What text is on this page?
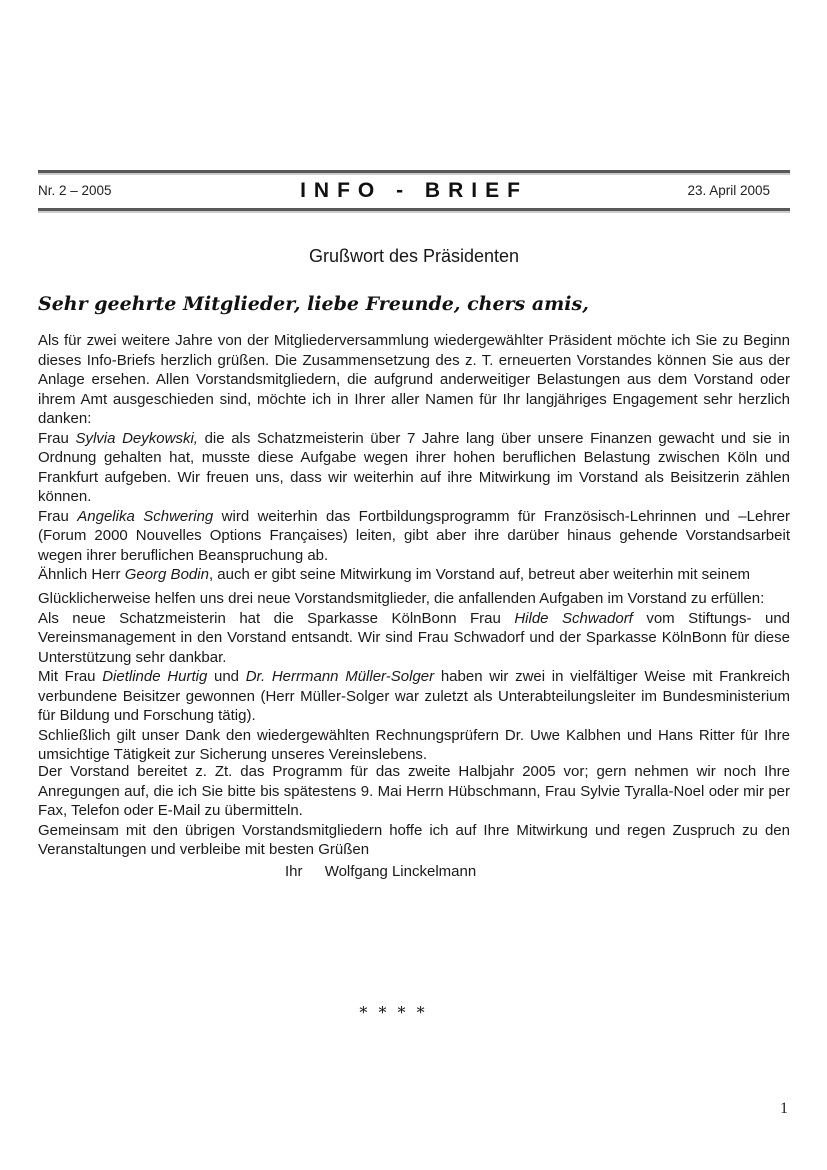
Nr. 2 – 2005	INFO - BRIEF	23. April 2005
Grußwort des Präsidenten
Sehr geehrte Mitglieder, liebe Freunde, chers amis,

Als für zwei weitere Jahre von der Mitgliederversammlung wiedergewählter Präsident möchte ich Sie zu Beginn dieses Info-Briefs herzlich grüßen. Die Zusammensetzung des z. T. erneuerten Vorstandes können Sie aus der Anlage ersehen. Allen Vorstandsmitgliedern, die aufgrund anderweitiger Belastungen aus dem Vorstand oder ihrem Amt ausgeschieden sind, möchte ich in Ihrer aller Namen für Ihr langjähriges Engagement sehr herzlich danken:

Frau Sylvia Deykowski, die als Schatzmeisterin über 7 Jahre lang über unsere Finanzen gewacht und sie in Ordnung gehalten hat, musste diese Aufgabe wegen ihrer hohen beruflichen Belastung zwischen Köln und Frankfurt aufgeben. Wir freuen uns, dass wir weiterhin auf ihre Mitwirkung im Vorstand als Beisitzerin zählen können.

Frau Angelika Schwering wird weiterhin das Fortbildungsprogramm für Französisch-Lehrinnen und –Lehrer (Forum 2000 Nouvelles Options Françaises) leiten, gibt aber ihre darüber hinaus gehende Vorstandsarbeit wegen ihrer beruflichen Beanspruchung ab.

Ähnlich Herr Georg Bodin, auch er gibt seine Mitwirkung im Vorstand auf, betreut aber weiterhin mit seinem

Glücklicherweise helfen uns drei neue Vorstandsmitglieder, die anfallenden Aufgaben im Vorstand zu erfüllen:

Als neue Schatzmeisterin hat die Sparkasse KölnBonn Frau Hilde Schwadorf vom Stiftungs- und Vereinsmanagement in den Vorstand entsandt. Wir sind Frau Schwadorf und der Sparkasse KölnBonn für diese Unterstützung sehr dankbar.

Mit Frau Dietlinde Hurtig und Dr. Herrmann Müller-Solger haben wir zwei in vielfältiger Weise mit Frankreich verbundene Beisitzer gewonnen (Herr Müller-Solger war zuletzt als Unterabteilungsleiter im Bundesministerium für Bildung und Forschung tätig).

Schließlich gilt unser Dank den wiedergewählten Rechnungsprüfern Dr. Uwe Kalbhen und Hans Ritter für Ihre umsichtige Tätigkeit zur Sicherung unseres Vereinslebens.

Der Vorstand bereitet z. Zt. das Programm für das zweite Halbjahr 2005 vor; gern nehmen wir noch Ihre Anregungen auf, die ich Sie bitte bis spätestens 9. Mai Herrn Hübschmann, Frau Sylvie Tyralla-Noel oder mir per Fax, Telefon oder E-Mail zu übermitteln.

Gemeinsam mit den übrigen Vorstandsmitgliedern hoffe ich auf Ihre Mitwirkung und regen Zuspruch zu den Veranstaltungen und verbleibe mit besten Grüßen

Ihr Wolfgang Linckelmann
* * * *
1
